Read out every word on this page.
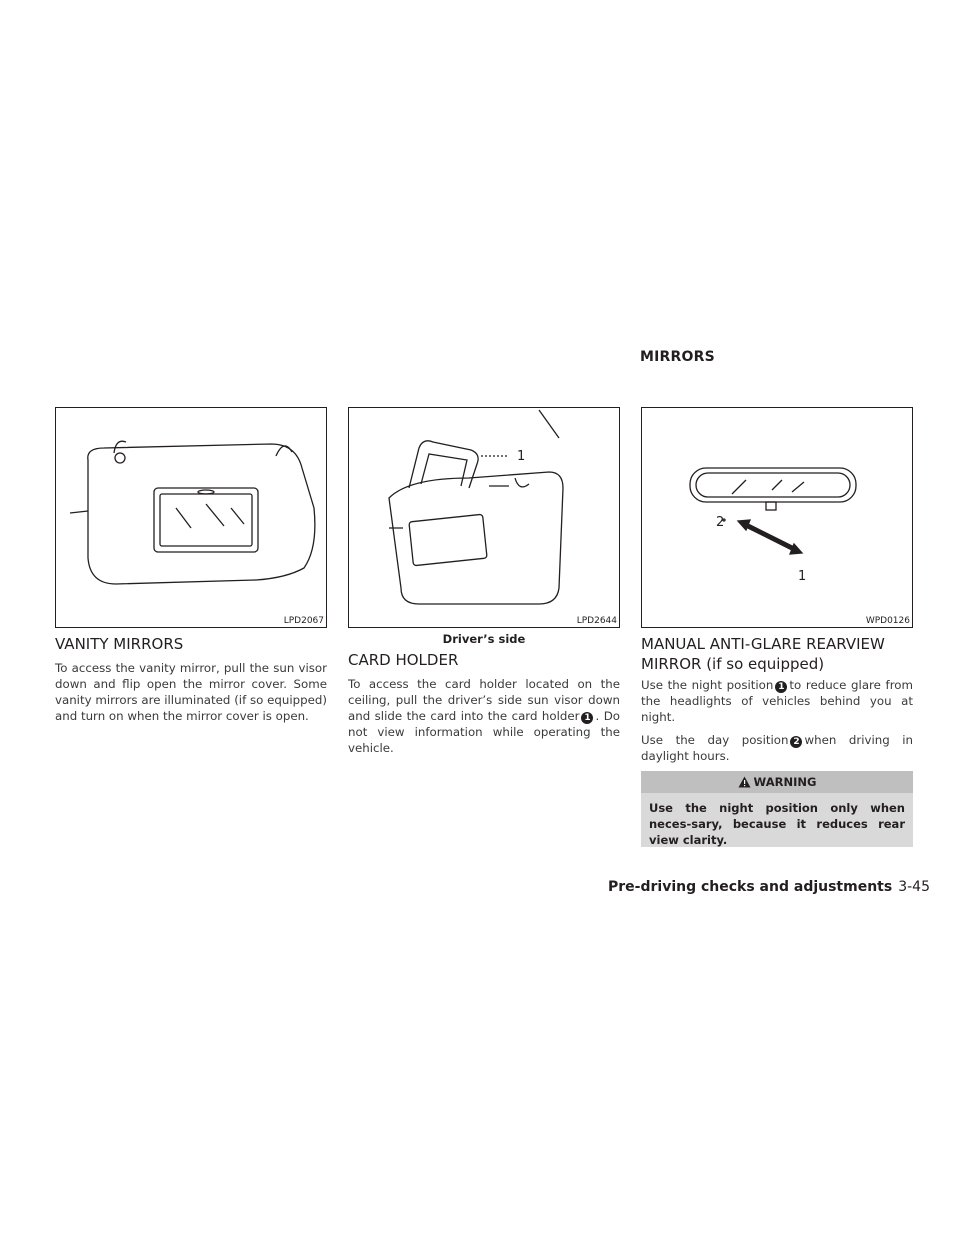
MIRRORS
LPD2067
1
LPD2644
2
1
WPD0126
Driver’s side
VANITY MIRRORS
To access the vanity mirror, pull the sun visor down and flip open the mirror cover. Some vanity mirrors are illuminated (if so equipped) and turn on when the mirror cover is open.
CARD HOLDER
To access the card holder located on the ceiling, pull the driver’s side sun visor down and slide the card into the card holder 1 . Do not view information while operating the vehicle.
MANUAL ANTI-GLARE REARVIEW
MIRROR (if so equipped)
Use the night position 1 to reduce glare from the headlights of vehicles behind you at night.
Use the day position 2 when driving in daylight hours.
WARNING
Use the night position only when neces-sary, because it reduces rear view clarity.
Pre-driving checks and adjustments 3-45
